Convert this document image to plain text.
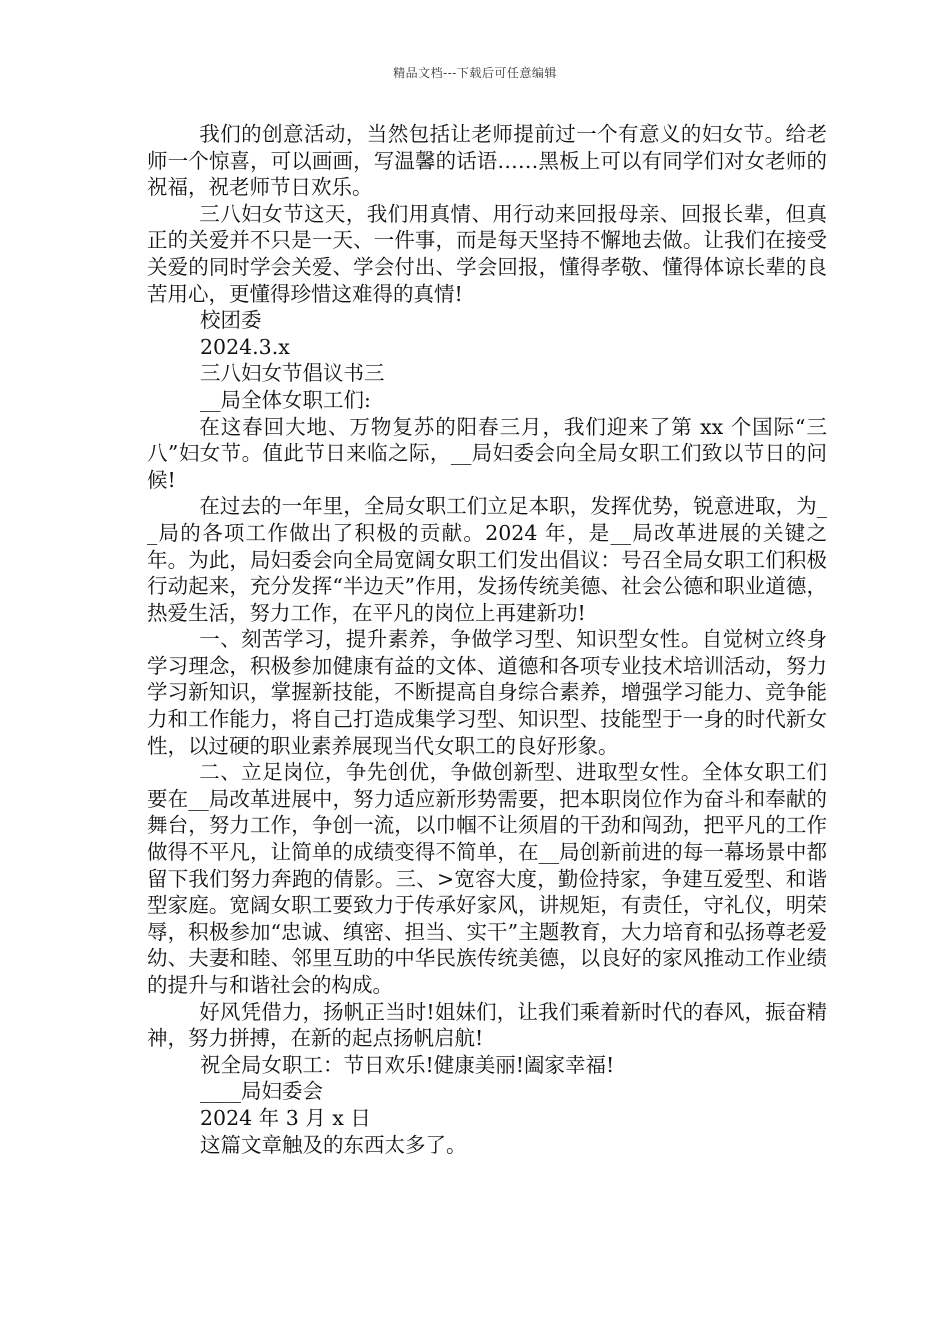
精品文档---下载后可任意编辑

我们的创意活动，当然包括让老师提前过一个有意义的妇女节。给老师一个惊喜，可以画画，写温馨的话语……黑板上可以有同学们对女老师的祝福，祝老师节日欢乐。

三八妇女节这天，我们用真情、用行动来回报母亲、回报长辈，但真正的关爱并不只是一天、一件事，而是每天坚持不懈地去做。让我们在接受关爱的同时学会关爱、学会付出、学会回报，懂得孝敬、懂得体谅长辈的良苦用心，更懂得珍惜这难得的真情!

校团委

2024.3.x

三八妇女节倡议书三

__局全体女职工们:

在这春回大地、万物复苏的阳春三月，我们迎来了第 xx 个国际“三八”妇女节。值此节日来临之际，__局妇委会向全局女职工们致以节日的问候!

在过去的一年里，全局女职工们立足本职，发挥优势，锐意进取，为__局的各项工作做出了积极的贡献。2024 年，是__局改革进展的关键之年。为此，局妇委会向全局宽阔女职工们发出倡议：号召全局女职工们积极行动起来，充分发挥“半边天”作用，发扬传统美德、社会公德和职业道德，热爱生活，努力工作，在平凡的岗位上再建新功!

一、刻苦学习，提升素养，争做学习型、知识型女性。自觉树立终身学习理念，积极参加健康有益的文体、道德和各项专业技术培训活动，努力学习新知识，掌握新技能，不断提高自身综合素养，增强学习能力、竞争能力和工作能力，将自己打造成集学习型、知识型、技能型于一身的时代新女性，以过硬的职业素养展现当代女职工的良好形象。

二、立足岗位，争先创优，争做创新型、进取型女性。全体女职工们要在__局改革进展中，努力适应新形势需要，把本职岗位作为奋斗和奉献的舞台，努力工作，争创一流，以巾帼不让须眉的干劲和闯劲，把平凡的工作做得不平凡，让简单的成绩变得不简单，在__局创新前进的每一幕场景中都留下我们努力奔跑的倩影。三、>宽容大度，勤俭持家，争建互爱型、和谐型家庭。宽阔女职工要致力于传承好家风，讲规矩，有责任，守礼仪，明荣辱，积极参加“忠诚、缜密、担当、实干”主题教育，大力培育和弘扬尊老爱幼、夫妻和睦、邻里互助的中华民族传统美德，以良好的家风推动工作业绩的提升与和谐社会的构成。

好风凭借力，扬帆正当时!姐妹们，让我们乘着新时代的春风，振奋精神，努力拼搏，在新的起点扬帆启航!

祝全局女职工：节日欢乐!健康美丽!阖家幸福!

____局妇委会

2024 年 3 月 x 日

这篇文章触及的东西太多了。
